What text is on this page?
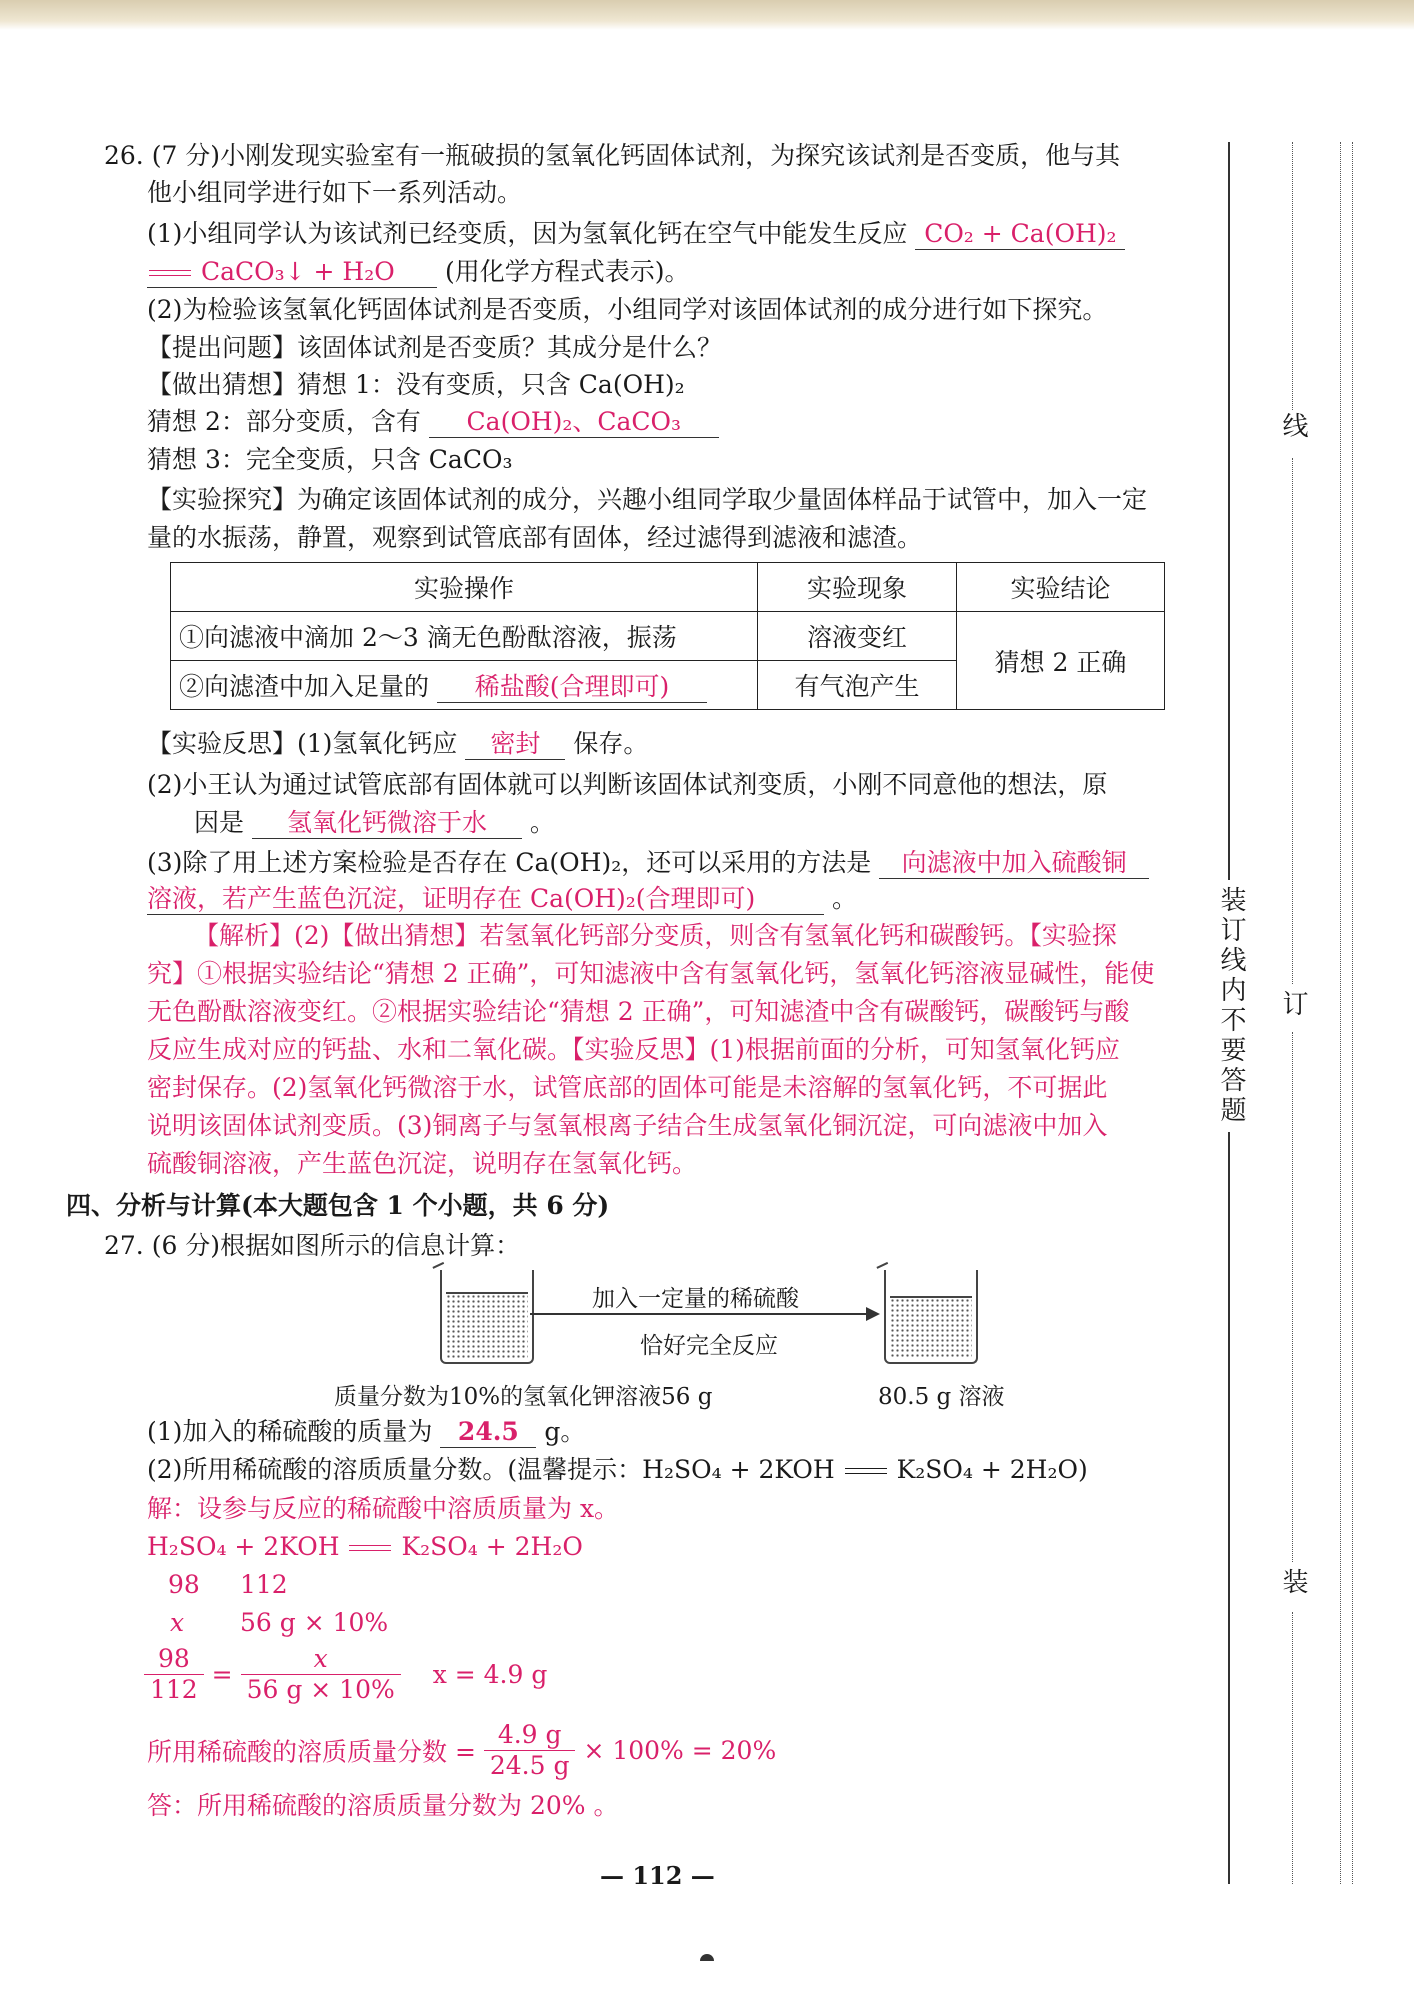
26. (7 分)小刚发现实验室有一瓶破损的氢氧化钙固体试剂，为探究该试剂是否变质，他与其
他小组同学进行如下一系列活动。
(1)小组同学认为该试剂已经变质，因为氢氧化钙在空气中能发生反应 CO₂ + Ca(OH)₂
CaCO₃↓ + H₂O (用化学方程式表示)。
(2)为检验该氢氧化钙固体试剂是否变质，小组同学对该固体试剂的成分进行如下探究。
【提出问题】该固体试剂是否变质？其成分是什么？
【做出猜想】猜想 1：没有变质，只含 Ca(OH)₂
猜想 2：部分变质，含有 Ca(OH)₂、CaCO₃
猜想 3：完全变质，只含 CaCO₃
【实验探究】为确定该固体试剂的成分，兴趣小组同学取少量固体样品于试管中，加入一定
量的水振荡，静置，观察到试管底部有固体，经过滤得到滤液和滤渣。
实验操作	实验现象	实验结论
①向滤液中滴加 2～3 滴无色酚酞溶液，振荡	溶液变红	猜想 2 正确
②向滤渣中加入足量的 稀盐酸(合理即可)	有气泡产生	
【实验反思】(1)氢氧化钙应 密封 保存。
(2)小王认为通过试管底部有固体就可以判断该固体试剂变质，小刚不同意他的想法，原
因是 氢氧化钙微溶于水 。
(3)除了用上述方案检验是否存在 Ca(OH)₂，还可以采用的方法是 向滤液中加入硫酸铜
溶液，若产生蓝色沉淀，证明存在 Ca(OH)₂(合理即可)	。
【解析】(2)【做出猜想】若氢氧化钙部分变质，则含有氢氧化钙和碳酸钙。【实验探
究】①根据实验结论“猜想 2 正确”，可知滤液中含有氢氧化钙，氢氧化钙溶液显碱性，能使
无色酚酞溶液变红。②根据实验结论“猜想 2 正确”，可知滤渣中含有碳酸钙，碳酸钙与酸
反应生成对应的钙盐、水和二氧化碳。【实验反思】(1)根据前面的分析，可知氢氧化钙应
密封保存。(2)氢氧化钙微溶于水，试管底部的固体可能是未溶解的氢氧化钙，不可据此
说明该固体试剂变质。(3)铜离子与氢氧根离子结合生成氢氧化铜沉淀，可向滤液中加入
硫酸铜溶液，产生蓝色沉淀，说明存在氢氧化钙。
四、分析与计算(本大题包含 1 个小题，共 6 分)
27. (6 分)根据如图所示的信息计算：
加入一定量的稀硫酸
恰好完全反应
质量分数为10%的氢氧化钾溶液56 g	80.5 g 溶液
(1)加入的稀硫酸的质量为 24.5 g。
(2)所用稀硫酸的溶质质量分数。(温馨提示：H₂SO₄ + 2KOH K₂SO₄ + 2H₂O)
解：设参与反应的稀硫酸中溶质质量为 x。
H₂SO₄ + 2KOH K₂SO₄ + 2H₂O
98 112
x 56 g × 10%
$\frac{98}{112} = \frac{x}{56 g \times 10\%}$ x = 4.9 g
所用稀硫酸的溶质质量分数 = $\frac{4.9 g}{24.5 g} \times 100\% = 20\%$
答：所用稀硫酸的溶质质量分数为 20% 。
— 112 —
线
订
装
装订线内不要答题
